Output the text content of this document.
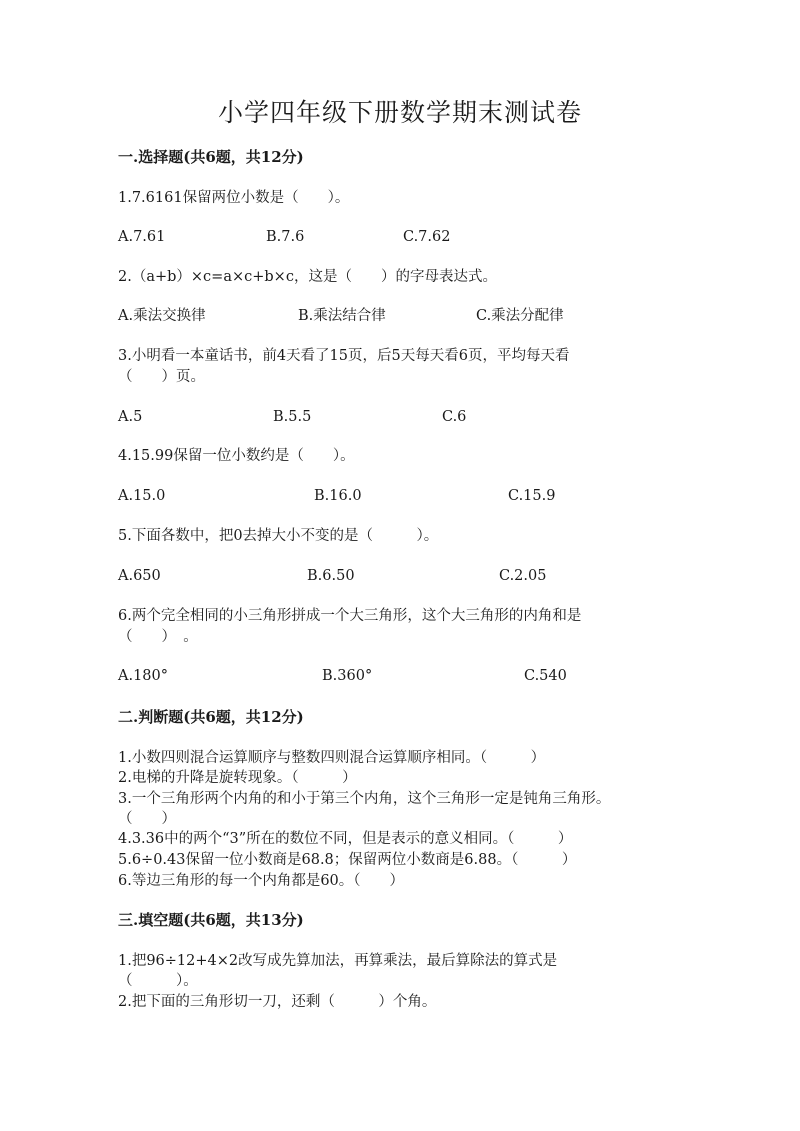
小学四年级下册数学期末测试卷
一.选择题(共6题，共12分)
1.7.6161保留两位小数是（　　）。
A.7.61	B.7.6	C.7.62
2.（a+b）×c=a×c+b×c，这是（　　）的字母表达式。
A.乘法交换律	B.乘法结合律	C.乘法分配律
3.小明看一本童话书，前4天看了15页，后5天每天看6页，平均每天看
（　　）页。
A.5	B.5.5	C.6
4.15.99保留一位小数约是（　　）。
A.15.0	B.16.0	C.15.9
5.下面各数中，把0去掉大小不变的是（　　　）。
A.650	B.6.50	C.2.05
6.两个完全相同的小三角形拼成一个大三角形，这个大三角形的内角和是
（　　）　。
A.180°	B.360°	C.540
二.判断题(共6题，共12分)
1.小数四则混合运算顺序与整数四则混合运算顺序相同。（　　　）
2.电梯的升降是旋转现象。（　　　）
3.一个三角形两个内角的和小于第三个内角，这个三角形一定是钝角三角形。
（　　）
4.3.36中的两个“3”所在的数位不同，但是表示的意义相同。（　　　）
5.6÷0.43保留一位小数商是68.8；保留两位小数商是6.88。（　　　）
6.等边三角形的每一个内角都是60。（　　）
三.填空题(共6题，共13分)
1.把96÷12+4×2改写成先算加法，再算乘法，最后算除法的算式是
（　　　）。
2.把下面的三角形切一刀，还剩（　　　）个角。
